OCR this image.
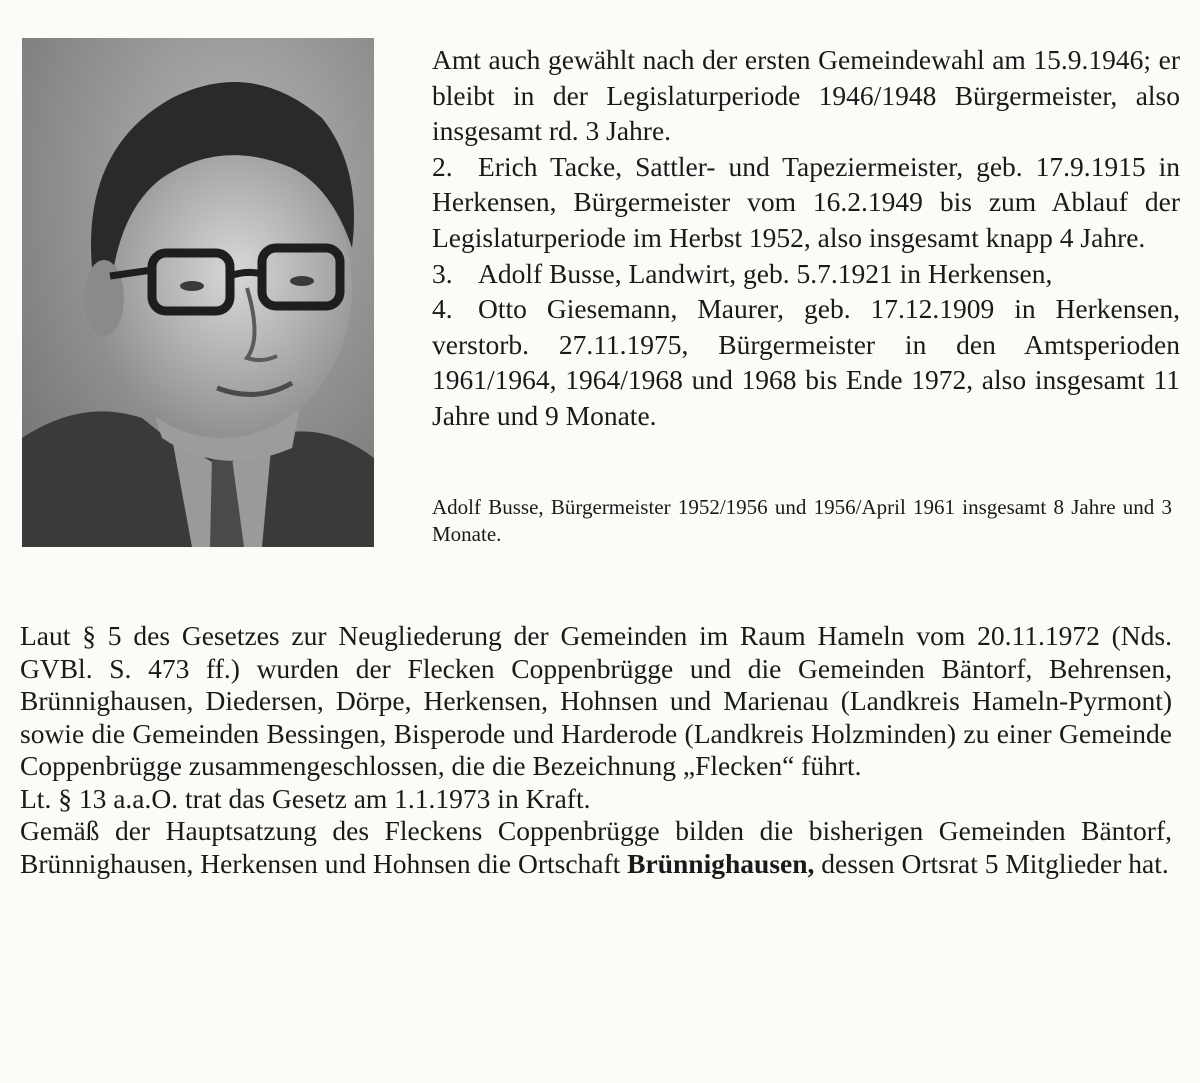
Amt auch gewählt nach der ersten Gemeindewahl am 15.9.1946; er bleibt in der Legislaturperiode 1946/1948 Bürgermeister, also insgesamt rd. 3 Jahre.

2. Erich Tacke, Sattler- und Tapeziermeister, geb. 17.9.1915 in Herkensen, Bürgermeister vom 16.2.1949 bis zum Ablauf der Legislaturperiode im Herbst 1952, also insgesamt knapp 4 Jahre.

3. Adolf Busse, Landwirt, geb. 5.7.1921 in Herkensen,

4. Otto Giesemann, Maurer, geb. 17.12.1909 in Herkensen, verstorb. 27.11.1975, Bürgermeister in den Amtsperioden 1961/1964, 1964/1968 und 1968 bis Ende 1972, also insgesamt 11 Jahre und 9 Monate.

Adolf Busse, Bürgermeister 1952/1956 und 1956/April 1961 insgesamt 8 Jahre und 3 Monate.

Laut § 5 des Gesetzes zur Neugliederung der Gemeinden im Raum Hameln vom 20.11.1972 (Nds. GVBl. S. 473 ff.) wurden der Flecken Coppenbrügge und die Gemeinden Bäntorf, Behrensen, Brünnighausen, Diedersen, Dörpe, Herkensen, Hohnsen und Marienau (Landkreis Hameln-Pyrmont) sowie die Gemeinden Bessingen, Bisperode und Harderode (Landkreis Holzminden) zu einer Gemeinde Coppenbrügge zusammengeschlossen, die die Bezeichnung „Flecken“ führt.

Lt. § 13 a.a.O. trat das Gesetz am 1.1.1973 in Kraft.

Gemäß der Hauptsatzung des Fleckens Coppenbrügge bilden die bisherigen Gemeinden Bäntorf, Brünnighausen, Herkensen und Hohnsen die Ortschaft Brünnighausen, dessen Ortsrat 5 Mitglieder hat.
